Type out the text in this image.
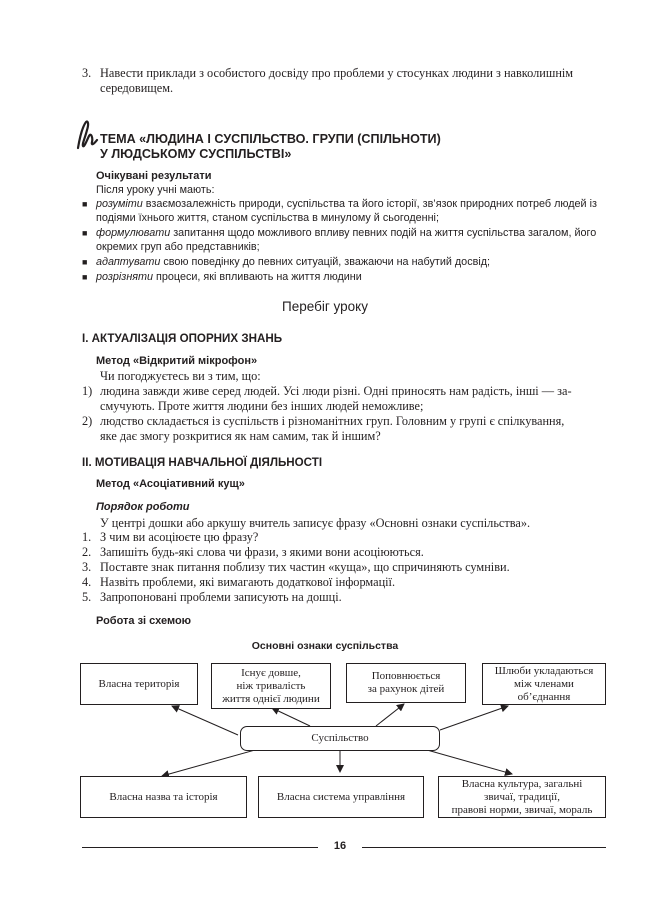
3. Навести приклади з особистого досвіду про проблеми у стосунках людини з навколишнім
середовищем.
ТЕМА «ЛЮДИНА І СУСПІЛЬСТВО. ГРУПИ (СПІЛЬНОТИ)
У ЛЮДСЬКОМУ СУСПІЛЬСТВІ»
Очікувані результати
Після уроку учні мають:
■ розуміти взаємозалежність природи, суспільства та його історії, зв’язок природних потреб людей із
подіями їхнього життя, станом суспільства в минулому й сьогоденні;
■ формулювати запитання щодо можливого впливу певних подій на життя суспільства загалом, його
окремих груп або представників;
■ адаптувати свою поведінку до певних ситуацій, зважаючи на набутий досвід;
■ розрізняти процеси, які впливають на життя людини
Перебіг уроку
І. АКТУАЛІЗАЦІЯ ОПОРНИХ ЗНАНЬ
Метод «Відкритий мікрофон»
Чи погоджуєтесь ви з тим, що:
1) людина завжди живе серед людей. Усі люди різні. Одні приносять нам радість, інші — за-
смучують. Проте життя людини без інших людей неможливе;
2) людство складається із суспільств і різноманітних груп. Головним у групі є спілкування,
яке дає змогу розкритися як нам самим, так й іншим?
ІІ. МОТИВАЦІЯ НАВЧАЛЬНОЇ ДІЯЛЬНОСТІ
Метод «Асоціативний кущ»
Порядок роботи
У центрі дошки або аркушу вчитель записує фразу «Основні ознаки суспільства».
1. З чим ви асоціюєте цю фразу?
2. Запишіть будь-які слова чи фрази, з якими вони асоціюються.
3. Поставте знак питання поблизу тих частин «куща», що спричиняють сумніви.
4. Назвіть проблеми, які вимагають додаткової інформації.
5. Запропоновані проблеми записують на дошці.
Робота зі схемою
Основні ознаки суспільства
Власна територія
Існує довше,
ніж тривалість
життя однієї людини
Поповнюється
за рахунок дітей
Шлюби укладаються
між членами
об’єднання
Суспільство
Власна назва та історія	Власна система управління
Власна культура, загальні
звичаї, традиції,
правові норми, звичаї, мораль
16
